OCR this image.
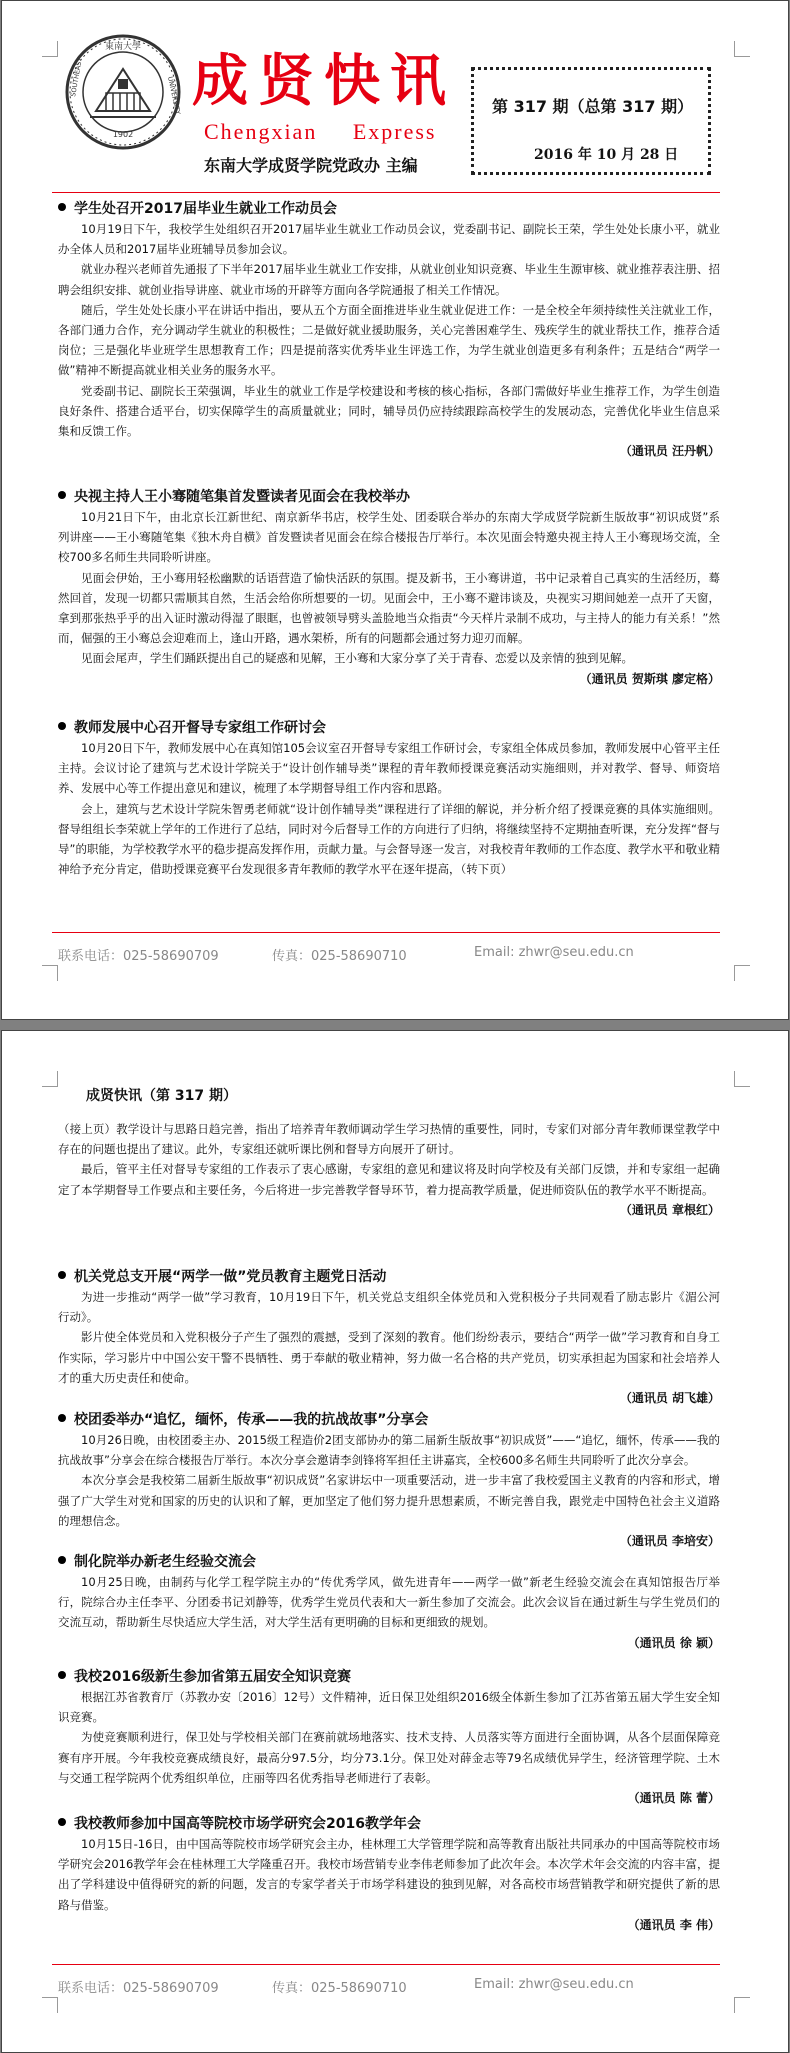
東南大學
SOUTHEAST	UNIVERSITY
1902
成贤快讯
Chengxian Express
东南大学成贤学院党政办 主编
第 317 期（总第 317 期）
2016 年 10 月 28 日
学生处召开2017届毕业生就业工作动员会

10月19日下午，我校学生处组织召开2017届毕业生就业工作动员会议，党委副书记、副院长王荣，学生处处长康小平，就业办全体人员和2017届毕业班辅导员参加会议。

就业办程兴老师首先通报了下半年2017届毕业生就业工作安排，从就业创业知识竞赛、毕业生生源审核、就业推荐表注册、招聘会组织安排、就创业指导讲座、就业市场的开辟等方面向各学院通报了相关工作情况。

随后，学生处处长康小平在讲话中指出，要从五个方面全面推进毕业生就业促进工作：一是全校全年须持续性关注就业工作，各部门通力合作，充分调动学生就业的积极性；二是做好就业援助服务，关心完善困难学生、残疾学生的就业帮扶工作，推荐合适岗位；三是强化毕业班学生思想教育工作；四是提前落实优秀毕业生评选工作，为学生就业创造更多有利条件；五是结合“两学一做”精神不断提高就业相关业务的服务水平。

党委副书记、副院长王荣强调，毕业生的就业工作是学校建设和考核的核心指标，各部门需做好毕业生推荐工作，为学生创造良好条件、搭建合适平台，切实保障学生的高质量就业；同时，辅导员仍应持续跟踪高校学生的发展动态，完善优化毕业生信息采集和反馈工作。

（通讯员 汪丹帆）
央视主持人王小骞随笔集首发暨读者见面会在我校举办

10月21日下午，由北京长江新世纪、南京新华书店，校学生处、团委联合举办的东南大学成贤学院新生版故事“初识成贤”系列讲座——王小骞随笔集《独木舟自横》首发暨读者见面会在综合楼报告厅举行。本次见面会特邀央视主持人王小骞现场交流，全校700多名师生共同聆听讲座。

见面会伊始，王小骞用轻松幽默的话语营造了愉快活跃的氛围。提及新书，王小骞讲道，书中记录着自己真实的生活经历，蓦然回首，发现一切都只需顺其自然，生活会给你所想要的一切。见面会中，王小骞不避讳谈及，央视实习期间她差一点开了天窗，拿到那张热乎乎的出入证时激动得湿了眼眶，也曾被领导劈头盖脸地当众指责“今天样片录制不成功，与主持人的能力有关系！”然而，倔强的王小骞总会迎难而上，逢山开路，遇水架桥，所有的问题都会通过努力迎刃而解。

见面会尾声，学生们踊跃提出自己的疑惑和见解，王小骞和大家分享了关于青春、恋爱以及亲情的独到见解。

（通讯员 贺斯琪 廖定格）
教师发展中心召开督导专家组工作研讨会

10月20日下午，教师发展中心在真知馆105会议室召开督导专家组工作研讨会，专家组全体成员参加，教师发展中心管平主任主持。会议讨论了建筑与艺术设计学院关于“设计创作辅导类”课程的青年教师授课竞赛活动实施细则，并对教学、督导、师资培养、发展中心等工作提出意见和建议，梳理了本学期督导组工作内容和思路。

会上，建筑与艺术设计学院朱智勇老师就“设计创作辅导类”课程进行了详细的解说，并分析介绍了授课竞赛的具体实施细则。督导组组长李荣就上学年的工作进行了总结，同时对今后督导工作的方向进行了归纳，将继续坚持不定期抽查听课，充分发挥“督与导”的职能，为学校教学水平的稳步提高发挥作用，贡献力量。与会督导逐一发言，对我校青年教师的工作态度、教学水平和敬业精神给予充分肯定，借助授课竞赛平台发现很多青年教师的教学水平在逐年提高，（转下页）

联系电话：025-58690709	传真：025-58690710	Email: zhwr@seu.edu.cn
成贤快讯（第 317 期）

（接上页）教学设计与思路日趋完善，指出了培养青年教师调动学生学习热情的重要性，同时，专家们对部分青年教师课堂教学中存在的问题也提出了建议。此外，专家组还就听课比例和督导方向展开了研讨。

最后，管平主任对督导专家组的工作表示了衷心感谢，专家组的意见和建议将及时向学校及有关部门反馈，并和专家组一起确定了本学期督导工作要点和主要任务，今后将进一步完善教学督导环节，着力提高教学质量，促进师资队伍的教学水平不断提高。

（通讯员 章根红）
机关党总支开展“两学一做”党员教育主题党日活动

为进一步推动“两学一做”学习教育，10月19日下午，机关党总支组织全体党员和入党积极分子共同观看了励志影片《湄公河行动》。

影片使全体党员和入党积极分子产生了强烈的震撼，受到了深刻的教育。他们纷纷表示，要结合“两学一做”学习教育和自身工作实际，学习影片中中国公安干警不畏牺牲、勇于奉献的敬业精神，努力做一名合格的共产党员，切实承担起为国家和社会培养人才的重大历史责任和使命。

（通讯员 胡飞雄）
校团委举办“追忆，缅怀，传承——我的抗战故事”分享会

10月26日晚，由校团委主办、2015级工程造价2团支部协办的第二届新生版故事“初识成贤”——“追忆，缅怀，传承——我的抗战故事”分享会在综合楼报告厅举行。本次分享会邀请李剑锋将军担任主讲嘉宾，全校600多名师生共同聆听了此次分享会。

本次分享会是我校第二届新生版故事“初识成贤”名家讲坛中一项重要活动，进一步丰富了我校爱国主义教育的内容和形式，增强了广大学生对党和国家的历史的认识和了解，更加坚定了他们努力提升思想素质，不断完善自我，跟党走中国特色社会主义道路的理想信念。

（通讯员 李培安）
制化院举办新老生经验交流会

10月25日晚，由制药与化学工程学院主办的“传优秀学风，做先进青年——两学一做”新老生经验交流会在真知馆报告厅举行，院综合办主任李平、分团委书记刘静等，优秀学生党员代表和大一新生参加了交流会。此次会议旨在通过新生与学生党员们的交流互动，帮助新生尽快适应大学生活，对大学生活有更明确的目标和更细致的规划。

（通讯员 徐 颖）
我校2016级新生参加省第五届安全知识竞赛

根据江苏省教育厅（苏教办安〔2016〕12号）文件精神，近日保卫处组织2016级全体新生参加了江苏省第五届大学生安全知识竞赛。

为使竞赛顺利进行，保卫处与学校相关部门在赛前就场地落实、技术支持、人员落实等方面进行全面协调，从各个层面保障竞赛有序开展。今年我校竞赛成绩良好，最高分97.5分，均分73.1分。保卫处对薛金志等79名成绩优异学生，经济管理学院、土木与交通工程学院两个优秀组织单位，庄丽等四名优秀指导老师进行了表彰。

（通讯员 陈 蕾）
我校教师参加中国高等院校市场学研究会2016教学年会

10月15日-16日，由中国高等院校市场学研究会主办，桂林理工大学管理学院和高等教育出版社共同承办的中国高等院校市场学研究会2016教学年会在桂林理工大学隆重召开。我校市场营销专业李伟老师参加了此次年会。本次学术年会交流的内容丰富，提出了学科建设中值得研究的新的问题，发言的专家学者关于市场学科建设的独到见解，对各高校市场营销教学和研究提供了新的思路与借鉴。

（通讯员 李 伟）
联系电话：025-58690709	传真：025-58690710	Email: zhwr@seu.edu.cn
